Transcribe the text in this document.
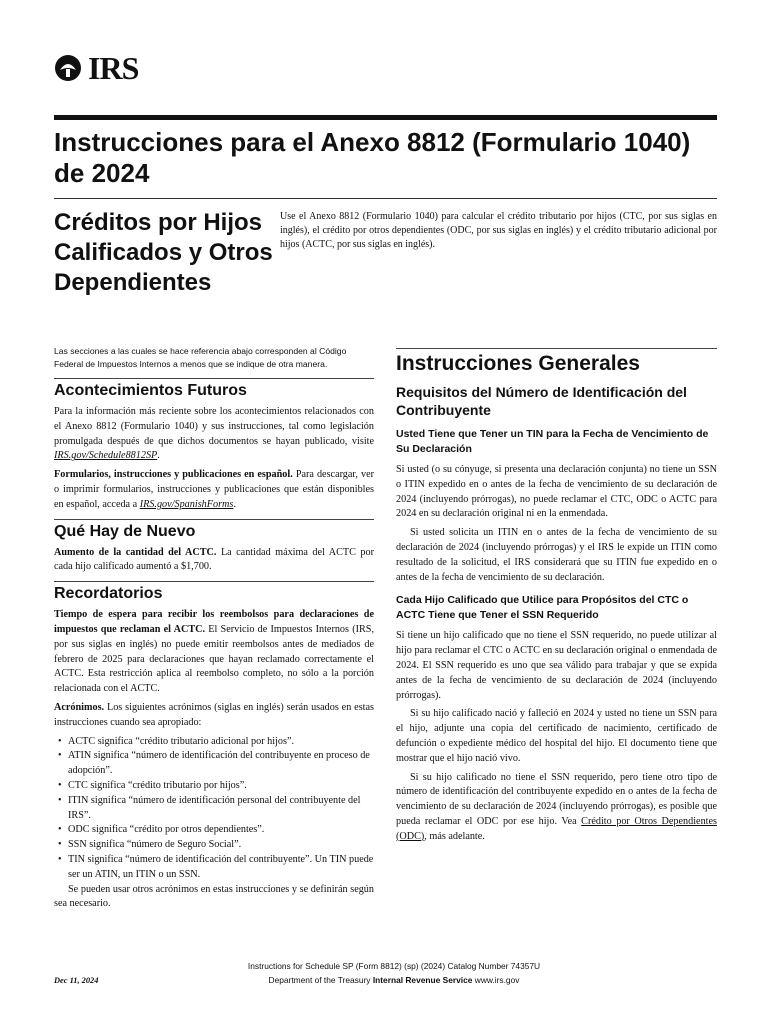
IRS
Instrucciones para el Anexo 8812 (Formulario 1040) de 2024
Créditos por Hijos Calificados y Otros Dependientes

Use el Anexo 8812 (Formulario 1040) para calcular el crédito tributario por hijos (CTC, por sus siglas en inglés), el crédito por otros dependientes (ODC, por sus siglas en inglés) y el crédito tributario adicional por hijos (ACTC, por sus siglas en inglés).

Las secciones a las cuales se hace referencia abajo corresponden al Código Federal de Impuestos Internos a menos que se indique de otra manera.

Acontecimientos Futuros

Para la información más reciente sobre los acontecimientos relacionados con el Anexo 8812 (Formulario 1040) y sus instrucciones, tal como legislación promulgada después de que dichos documentos se hayan publicado, visite IRS.gov/Schedule8812SP.

Formularios, instrucciones y publicaciones en español. Para descargar, ver o imprimir formularios, instrucciones y publicaciones que están disponibles en español, acceda a IRS.gov/SpanishForms.

Qué Hay de Nuevo

Aumento de la cantidad del ACTC. La cantidad máxima del ACTC por cada hijo calificado aumentó a $1,700.

Recordatorios

Tiempo de espera para recibir los reembolsos para declaraciones de impuestos que reclaman el ACTC. El Servicio de Impuestos Internos (IRS, por sus siglas en inglés) no puede emitir reembolsos antes de mediados de febrero de 2025 para declaraciones que hayan reclamado correctamente el ACTC. Esta restricción aplica al reembolso completo, no sólo a la porción relacionada con el ACTC.

Acrónimos. Los siguientes acrónimos (siglas en inglés) serán usados en estas instrucciones cuando sea apropiado:

• ACTC significa “crédito tributario adicional por hijos”.

• ATIN significa “número de identificación del contribuyente en proceso de adopción”.

• CTC significa “crédito tributario por hijos”.

• ITIN significa “número de identificación personal del contribuyente del IRS”.

• ODC significa “crédito por otros dependientes”.

• SSN significa “número de Seguro Social”.

• TIN significa “número de identificación del contribuyente”. Un TIN puede ser un ATIN, un ITIN o un SSN.

Se pueden usar otros acrónimos en estas instrucciones y se definirán según sea necesario.

Instrucciones Generales
Requisitos del Número de Identificación del Contribuyente
Usted Tiene que Tener un TIN para la Fecha de Vencimiento de Su Declaración

Si usted (o su cónyuge, si presenta una declaración conjunta) no tiene un SSN o ITIN expedido en o antes de la fecha de vencimiento de su declaración de 2024 (incluyendo prórrogas), no puede reclamar el CTC, ODC o ACTC para 2024 en su declaración original ni en la enmendada.

Si usted solicita un ITIN en o antes de la fecha de vencimiento de su declaración de 2024 (incluyendo prórrogas) y el IRS le expide un ITIN como resultado de la solicitud, el IRS considerará que su ITIN fue expedido en o antes de la fecha de vencimiento de su declaración.

Cada Hijo Calificado que Utilice para Propósitos del CTC o ACTC Tiene que Tener el SSN Requerido

Si tiene un hijo calificado que no tiene el SSN requerido, no puede utilizar al hijo para reclamar el CTC o ACTC en su declaración original o enmendada de 2024. El SSN requerido es uno que sea válido para trabajar y que se expida antes de la fecha de vencimiento de su declaración de 2024 (incluyendo prórrogas).

Si su hijo calificado nació y falleció en 2024 y usted no tiene un SSN para el hijo, adjunte una copia del certificado de nacimiento, certificado de defunción o expediente médico del hospital del hijo. El documento tiene que mostrar que el hijo nació vivo.

Si su hijo calificado no tiene el SSN requerido, pero tiene otro tipo de número de identificación del contribuyente expedido en o antes de la fecha de vencimiento de su declaración de 2024 (incluyendo prórrogas), es posible que pueda reclamar el ODC por ese hijo. Vea Crédito por Otros Dependientes (ODC), más adelante.

Instructions for Schedule SP (Form 8812) (sp) (2024) Catalog Number 74357U
Department of the Treasury Internal Revenue Service www.irs.gov
Dec 11, 2024
